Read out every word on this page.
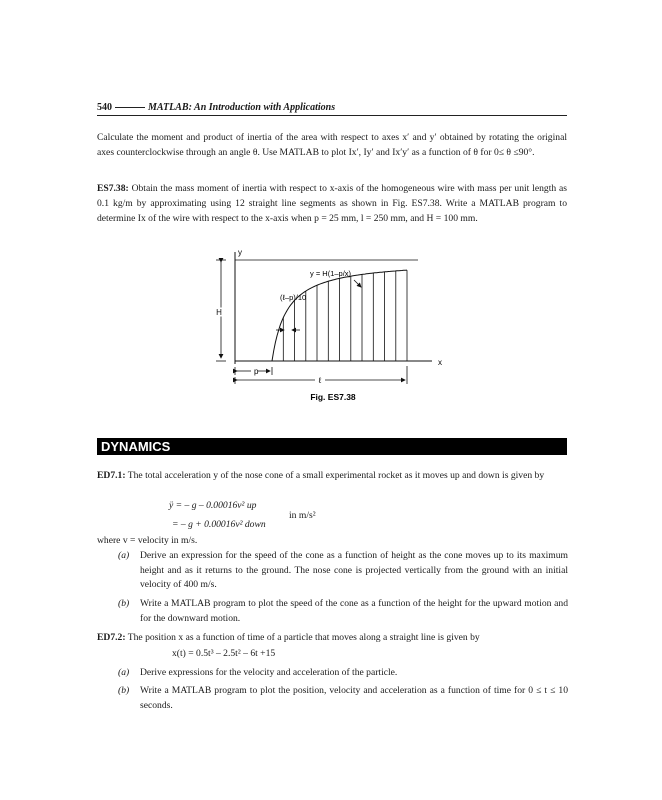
540	MATLAB: An Introduction with Applications
Calculate the moment and product of inertia of the area with respect to axes x′ and y′ obtained by rotating the original axes counterclockwise through an angle θ. Use MATLAB to plot Ix′, Iy′ and Ix′y′ as a function of θ for 0≤ θ ≤90°.
ES7.38: Obtain the mass moment of inertia with respect to x-axis of the homogeneous wire with mass per unit length as 0.1 kg/m by approximating using 12 straight line segments as shown in Fig. ES7.38. Write a MATLAB program to determine Ix of the wire with respect to the x-axis when p = 25 mm, l = 250 mm, and H = 100 mm.
y
x
H
p
ℓ
y = H(1–p/x)
(ℓ–p)/10
Fig. ES7.38
DYNAMICS
ED7.1: The total acceleration y of the nose cone of a small experimental rocket as it moves up and down is given by
ÿ = – g – 0.00016v² up
= – g + 0.00016v² down
in m/s²
where v = velocity in m/s.
(a) Derive an expression for the speed of the cone as a function of height as the cone moves up to its maximum height and as it returns to the ground. The nose cone is projected vertically from the ground with an initial velocity of 400 m/s.
(b) Write a MATLAB program to plot the speed of the cone as a function of the height for the upward motion and for the downward motion.
ED7.2: The position x as a function of time of a particle that moves along a straight line is given by
x(t) = 0.5t³ – 2.5t² – 6t +15
(a) Derive expressions for the velocity and acceleration of the particle.
(b) Write a MATLAB program to plot the position, velocity and acceleration as a function of time for 0 ≤ t ≤ 10 seconds.
